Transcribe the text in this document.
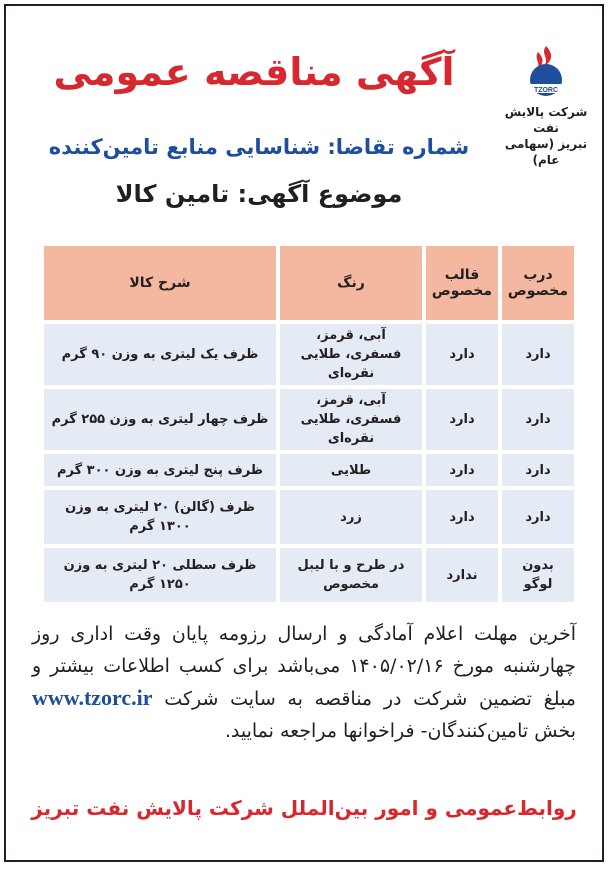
TZORC
شرکت پالایش نفت
تبریز (سهامی عام)
آگهی مناقصه عمومی
شماره تقاضا: شناسایی منابع تامین‌کننده
موضوع آگهی: تامین کالا
درب مخصوص	قالب مخصوص	رنگ	شرح کالا
دارد	دارد	آبی، قرمز، فسفری، طلایی نقره‌ای	ظرف یک لیتری به وزن ۹۰ گرم
دارد	دارد	آبی، قرمز، فسفری، طلایی نقره‌ای	ظرف چهار لیتری به وزن ۲۵۵ گرم
دارد	دارد	طلایی	ظرف پنج لیتری به وزن ۳۰۰ گرم
دارد	دارد	زرد	ظرف (گالن) ۲۰ لیتری به وزن ۱۳۰۰ گرم
بدون لوگو	ندارد	در طرح و با لیبل مخصوص	ظرف سطلی ۲۰ لیتری به وزن ۱۲۵۰ گرم
آخرین مهلت اعلام آمادگی و ارسال رزومه پایان وقت اداری روز چهارشنبه مورخ ۱۴۰۵/۰۲/۱۶ می‌باشد برای کسب اطلاعات بیشتر و مبلغ تضمین شرکت در مناقصه به سایت شرکت www.tzorc.ir بخش تامین‌کنندگان- فراخوانها مراجعه نمایید.
روابط‌عمومی و امور بین‌الملل شرکت پالایش نفت تبریز
